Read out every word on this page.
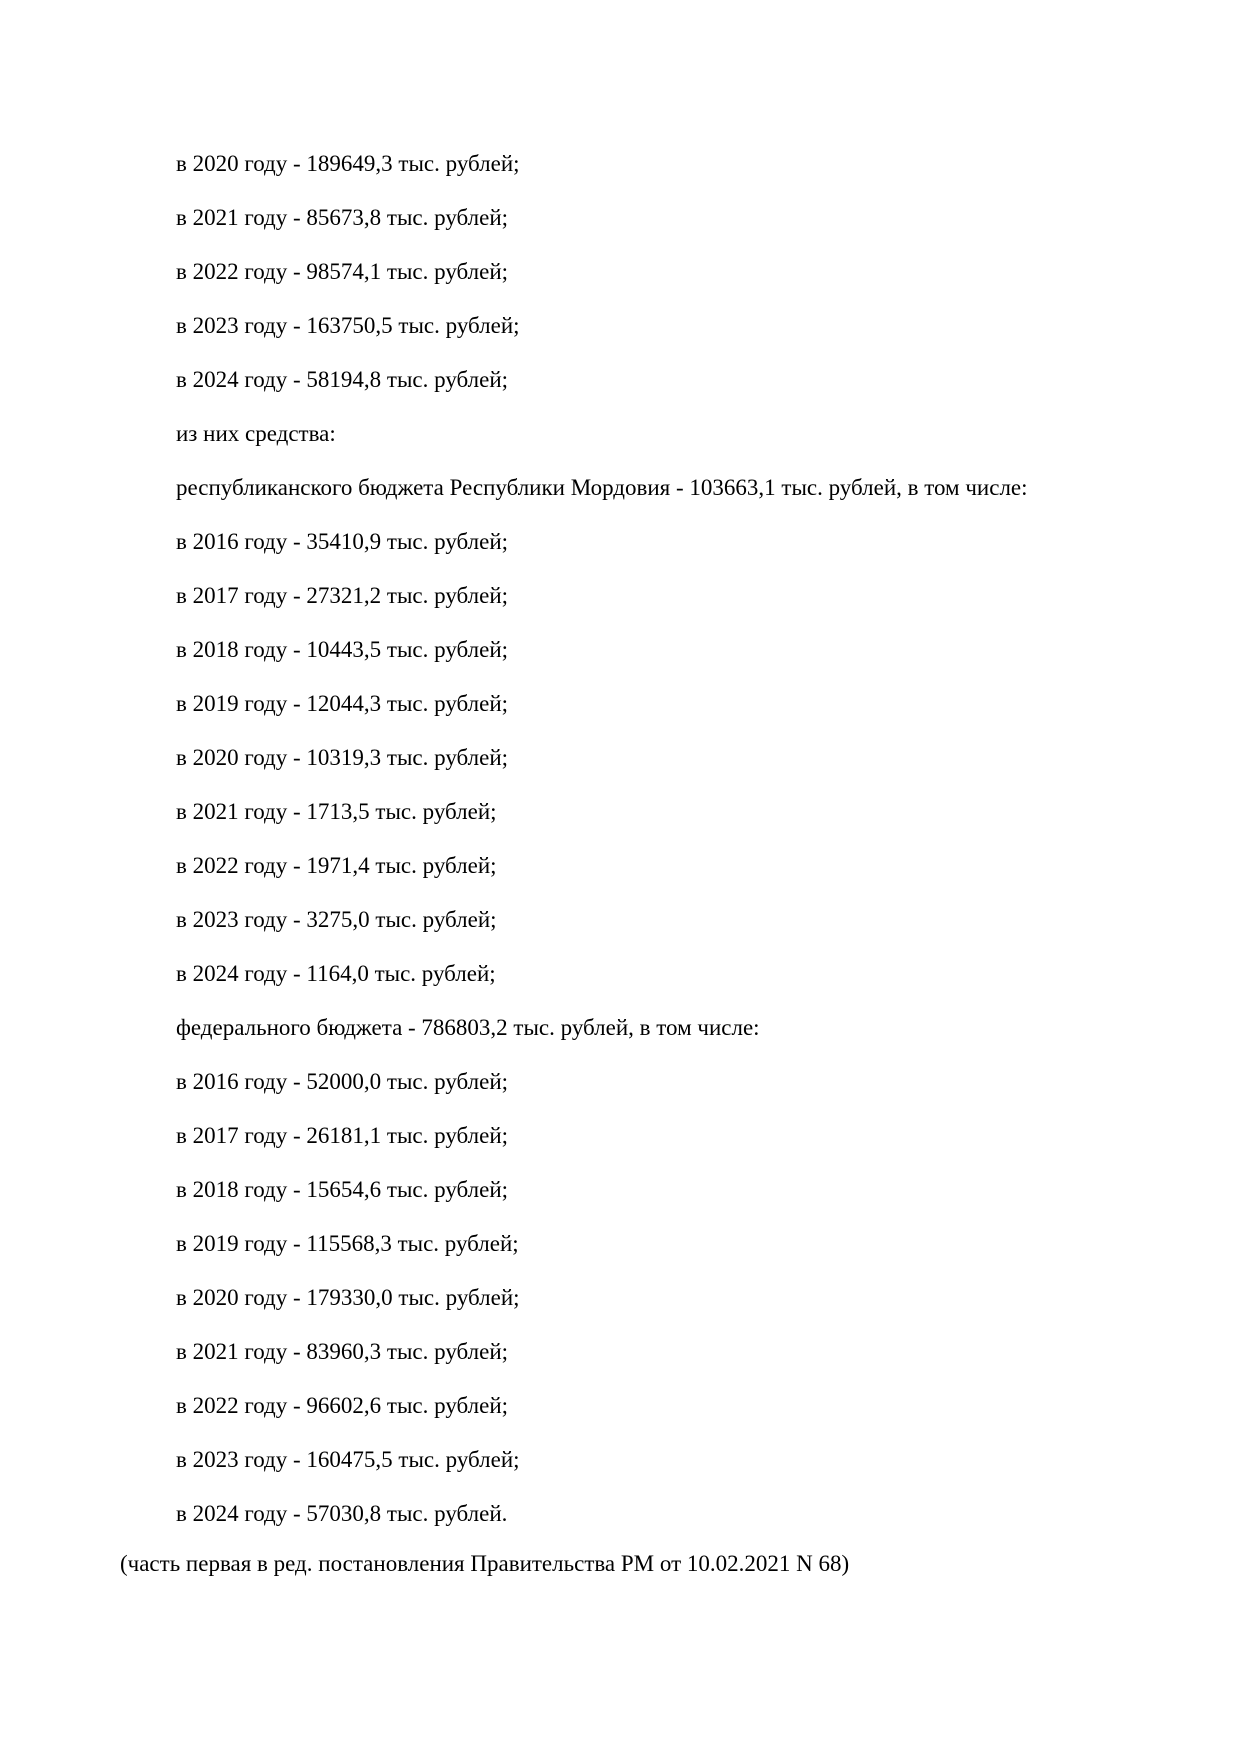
в 2020 году - 189649,3 тыс. рублей;

в 2021 году - 85673,8 тыс. рублей;

в 2022 году - 98574,1 тыс. рублей;

в 2023 году - 163750,5 тыс. рублей;

в 2024 году - 58194,8 тыс. рублей;

из них средства:

республиканского бюджета Республики Мордовия - 103663,1 тыс. рублей, в том числе:

в 2016 году - 35410,9 тыс. рублей;

в 2017 году - 27321,2 тыс. рублей;

в 2018 году - 10443,5 тыс. рублей;

в 2019 году - 12044,3 тыс. рублей;

в 2020 году - 10319,3 тыс. рублей;

в 2021 году - 1713,5 тыс. рублей;

в 2022 году - 1971,4 тыс. рублей;

в 2023 году - 3275,0 тыс. рублей;

в 2024 году - 1164,0 тыс. рублей;

федерального бюджета - 786803,2 тыс. рублей, в том числе:

в 2016 году - 52000,0 тыс. рублей;

в 2017 году - 26181,1 тыс. рублей;

в 2018 году - 15654,6 тыс. рублей;

в 2019 году - 115568,3 тыс. рублей;

в 2020 году - 179330,0 тыс. рублей;

в 2021 году - 83960,3 тыс. рублей;

в 2022 году - 96602,6 тыс. рублей;

в 2023 году - 160475,5 тыс. рублей;

в 2024 году - 57030,8 тыс. рублей.

(часть первая в ред. постановления Правительства РМ от 10.02.2021 N 68)
